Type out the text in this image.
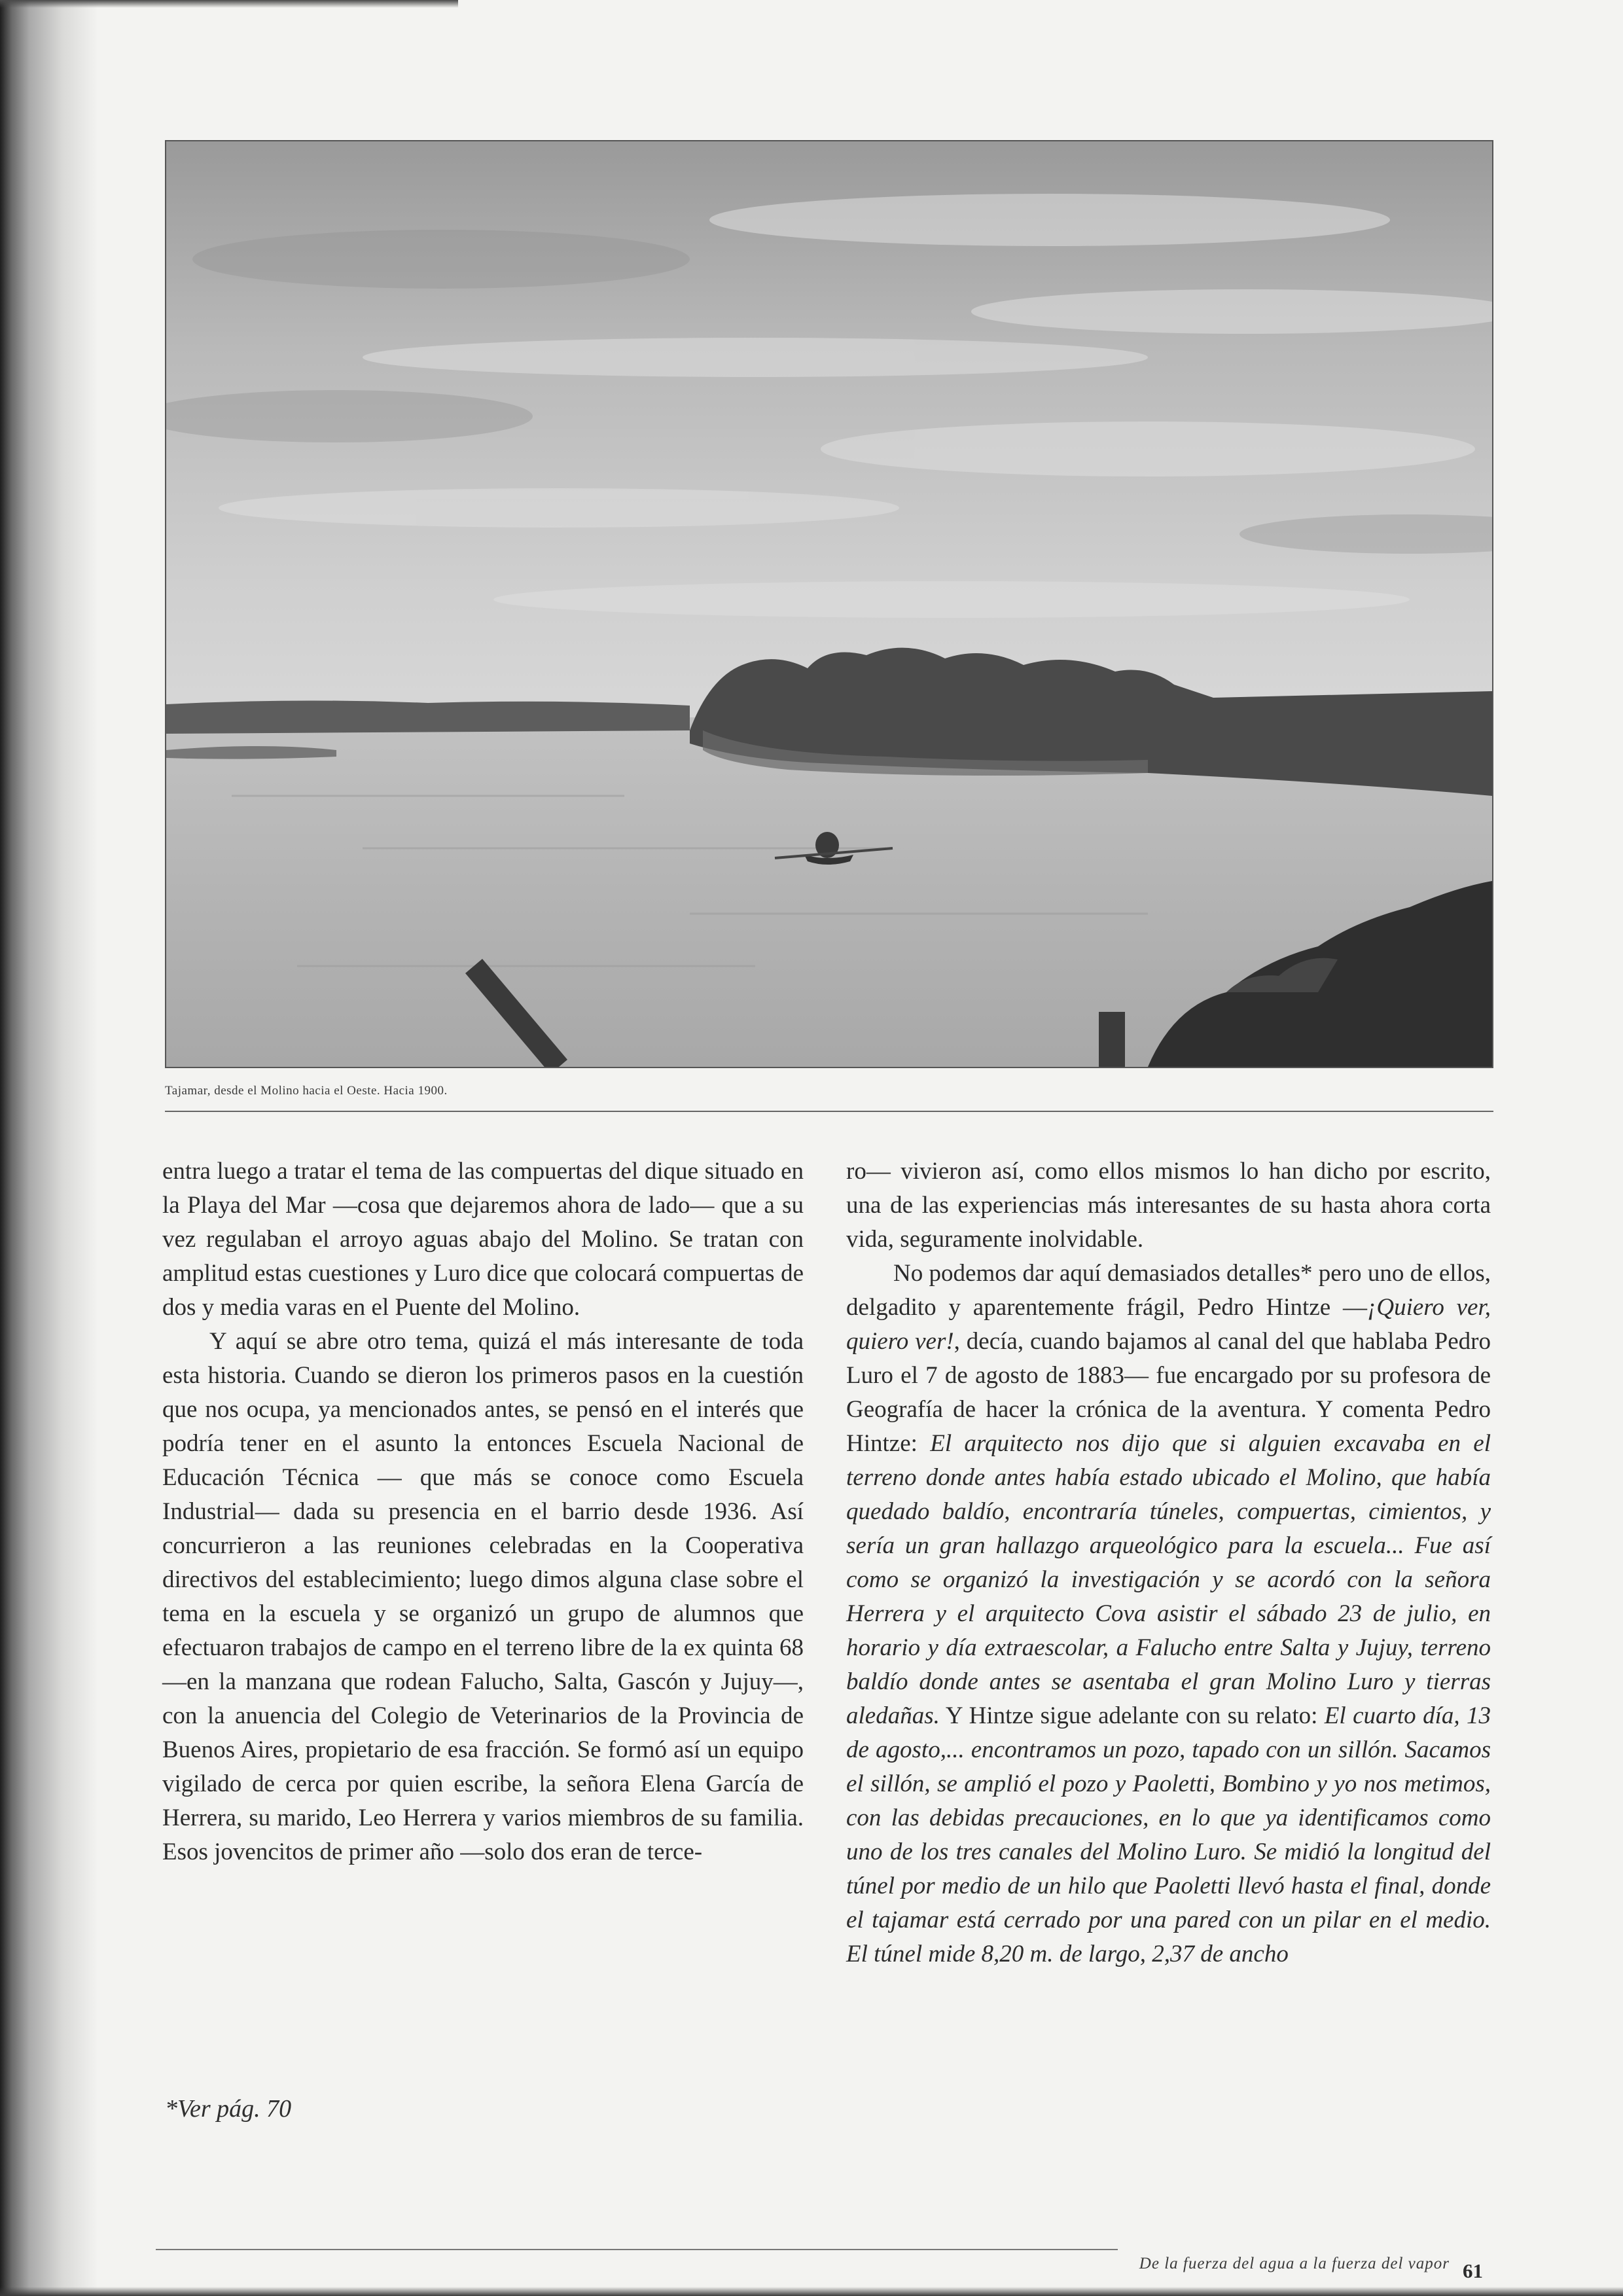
Tajamar, desde el Molino hacia el Oeste. Hacia 1900.

entra luego a tratar el tema de las compuertas del dique situado en la Playa del Mar —cosa que dejaremos ahora de lado— que a su vez regulaban el arroyo aguas abajo del Molino. Se tratan con amplitud estas cuestiones y Luro dice que colocará compuertas de dos y media varas en el Puente del Molino.

Y aquí se abre otro tema, quizá el más interesante de toda esta historia. Cuando se dieron los primeros pasos en la cuestión que nos ocupa, ya mencionados antes, se pensó en el interés que podría tener en el asunto la entonces Escuela Nacional de Educación Técnica — que más se conoce como Escuela Industrial— dada su presencia en el barrio desde 1936. Así concurrieron a las reuniones celebradas en la Cooperativa directivos del establecimiento; luego dimos alguna clase sobre el tema en la escuela y se organizó un grupo de alumnos que efectuaron trabajos de campo en el terreno libre de la ex quinta 68 —en la manzana que rodean Falucho, Salta, Gascón y Jujuy—, con la anuencia del Colegio de Veterinarios de la Provincia de Buenos Aires, propietario de esa fracción. Se formó así un equipo vigilado de cerca por quien escribe, la señora Elena García de Herrera, su marido, Leo Herrera y varios miembros de su familia. Esos jovencitos de primer año —solo dos eran de terce-

ro— vivieron así, como ellos mismos lo han dicho por escrito, una de las experiencias más interesantes de su hasta ahora corta vida, seguramente inolvidable.

No podemos dar aquí demasiados detalles* pero uno de ellos, delgadito y aparentemente frágil, Pedro Hintze —¡Quiero ver, quiero ver!, decía, cuando bajamos al canal del que hablaba Pedro Luro el 7 de agosto de 1883— fue encargado por su profesora de Geografía de hacer la crónica de la aventura. Y comenta Pedro Hintze: El arquitecto nos dijo que si alguien excavaba en el terreno donde antes había estado ubicado el Molino, que había quedado baldío, encontraría túneles, compuertas, cimientos, y sería un gran hallazgo arqueológico para la escuela... Fue así como se organizó la investigación y se acordó con la señora Herrera y el arquitecto Cova asistir el sábado 23 de julio, en horario y día extraescolar, a Falucho entre Salta y Jujuy, terreno baldío donde antes se asentaba el gran Molino Luro y tierras aledañas. Y Hintze sigue adelante con su relato: El cuarto día, 13 de agosto,... encontramos un pozo, tapado con un sillón. Sacamos el sillón, se amplió el pozo y Paoletti, Bombino y yo nos metimos, con las debidas precauciones, en lo que ya identificamos como uno de los tres canales del Molino Luro. Se midió la longitud del túnel por medio de un hilo que Paoletti llevó hasta el final, donde el tajamar está cerrado por una pared con un pilar en el medio. El túnel mide 8,20 m. de largo, 2,37 de ancho

*Ver pág. 70
De la fuerza del agua a la fuerza del vapor 61
